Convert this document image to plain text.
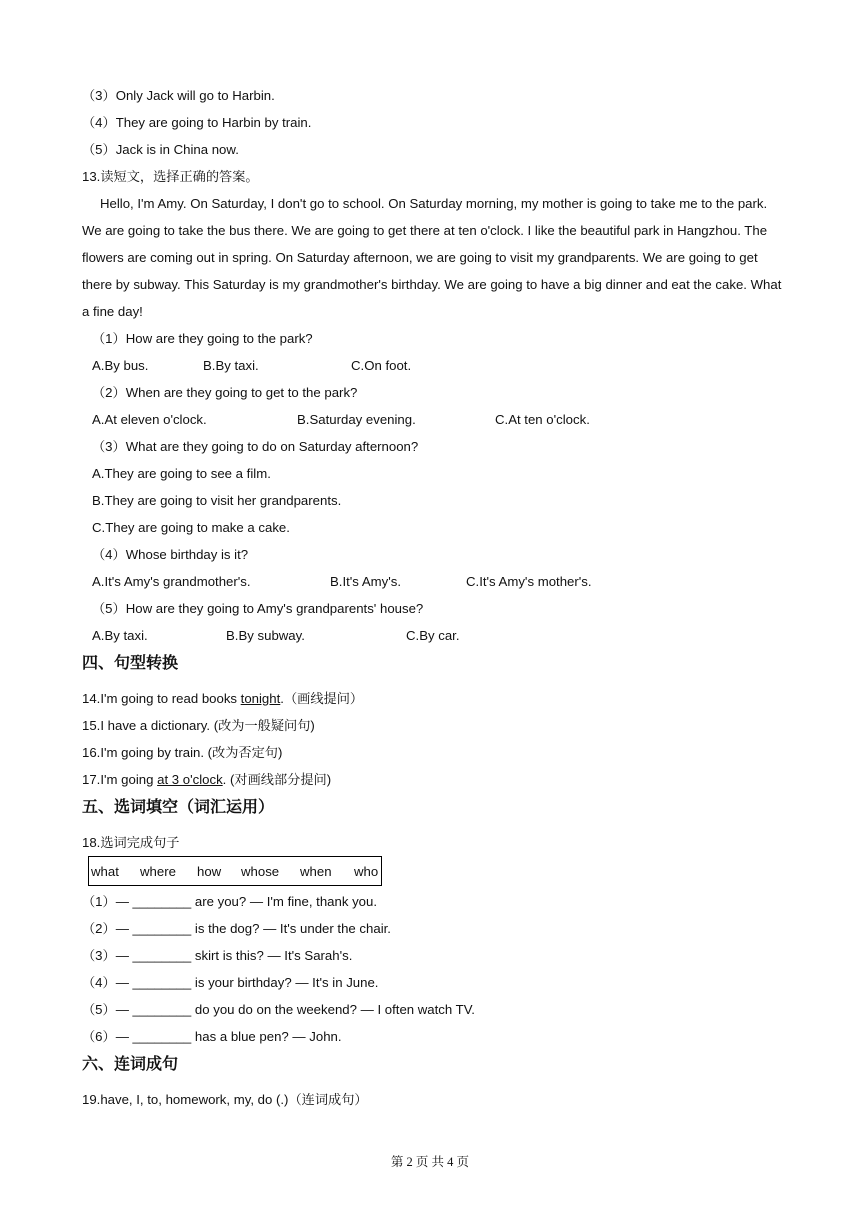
（3）Only Jack will go to Harbin.
（4）They are going to Harbin by train.
（5）Jack is in China now.
13.读短文，选择正确的答案。
Hello, I'm Amy. On Saturday, I don't go to school. On Saturday morning, my mother is going to take me to the park. We are going to take the bus there. We are going to get there at ten o'clock. I like the beautiful park in Hangzhou. The flowers are coming out in spring. On Saturday afternoon, we are going to visit my grandparents. We are going to get there by subway. This Saturday is my grandmother's birthday. We are going to have a big dinner and eat the cake. What a fine day!
（1）How are they going to the park?
A.By bus.	B.By taxi.	C.On foot.
（2）When are they going to get to the park?
A.At eleven o'clock.	B.Saturday evening.	C.At ten o'clock.
（3）What are they going to do on Saturday afternoon?
A.They are going to see a film.
B.They are going to visit her grandparents.
C.They are going to make a cake.
（4）Whose birthday is it?
A.It's Amy's grandmother's.	B.It's Amy's.	C.It's Amy's mother's.
（5）How are they going to Amy's grandparents' house?
A.By taxi.	B.By subway.	C.By car.
四、句型转换
14.I'm going to read books tonight.（画线提问）
15.I have a dictionary. (改为一般疑问句)
16.I'm going by train. (改为否定句)
17.I'm going at 3 o'clock. (对画线部分提问)
五、选词填空（词汇运用）
18.选词完成句子
what where how whose when who
（1）— ________ are you? — I'm fine, thank you.
（2）— ________ is the dog? — It's under the chair.
（3）— ________ skirt is this? — It's Sarah's.
（4）— ________ is your birthday? — It's in June.
（5）— ________ do you do on the weekend? — I often watch TV.
（6）— ________ has a blue pen? — John.
六、连词成句
19.have, I, to, homework, my, do (.)（连词成句）
第 2 页 共 4 页
